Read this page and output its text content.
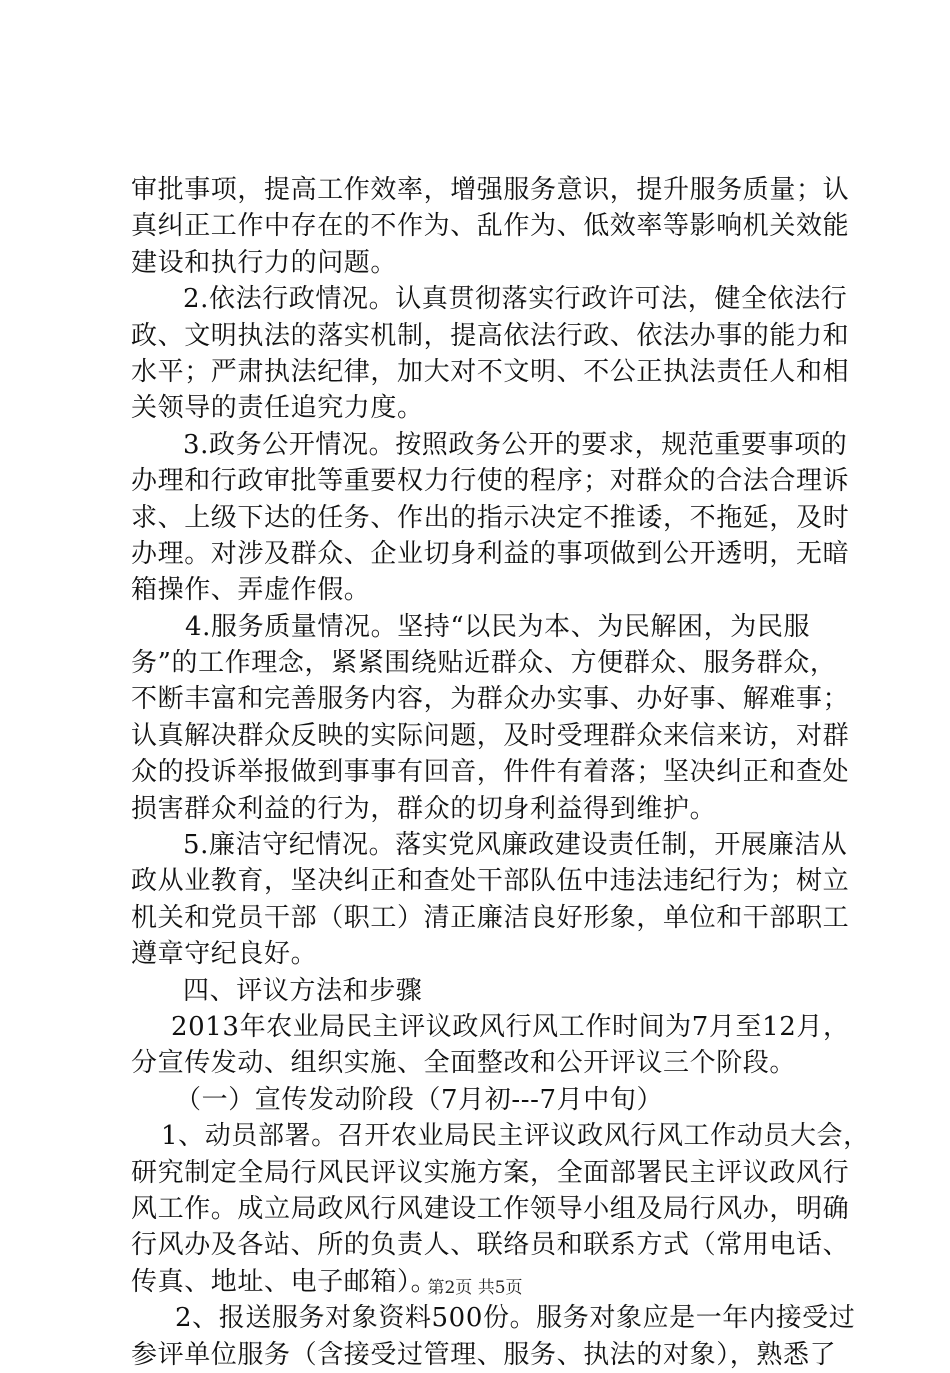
审批事项，提高工作效率，增强服务意识，提升服务质量；认
真纠正工作中存在的不作为、乱作为、低效率等影响机关效能
建设和执行力的问题。
2.依法行政情况。认真贯彻落实行政许可法，健全依法行
政、文明执法的落实机制，提高依法行政、依法办事的能力和
水平；严肃执法纪律，加大对不文明、不公正执法责任人和相
关领导的责任追究力度。
3.政务公开情况。按照政务公开的要求，规范重要事项的
办理和行政审批等重要权力行使的程序；对群众的合法合理诉
求、上级下达的任务、作出的指示决定不推诿，不拖延，及时
办理。对涉及群众、企业切身利益的事项做到公开透明，无暗
箱操作、弄虚作假。
4.服务质量情况。坚持“以民为本、为民解困，为民服
务”的工作理念，紧紧围绕贴近群众、方便群众、服务群众，
不断丰富和完善服务内容，为群众办实事、办好事、解难事；
认真解决群众反映的实际问题，及时受理群众来信来访，对群
众的投诉举报做到事事有回音，件件有着落；坚决纠正和查处
损害群众利益的行为，群众的切身利益得到维护。
5.廉洁守纪情况。落实党风廉政建设责任制，开展廉洁从
政从业教育，坚决纠正和查处干部队伍中违法违纪行为；树立
机关和党员干部（职工）清正廉洁良好形象，单位和干部职工
遵章守纪良好。
四、评议方法和步骤
2013年农业局民主评议政风行风工作时间为7月至12月，
分宣传发动、组织实施、全面整改和公开评议三个阶段。
（一）宣传发动阶段（7月初---7月中旬）
1、动员部署。召开农业局民主评议政风行风工作动员大会，
研究制定全局行风民评议实施方案，全面部署民主评议政风行
风工作。成立局政风行风建设工作领导小组及局行风办，明确
行风办及各站、所的负责人、联络员和联系方式（常用电话、
传真、地址、电子邮箱）。
2、报送服务对象资料500份。服务对象应是一年内接受过
参评单位服务（含接受过管理、服务、执法的对象），熟悉了
第2页 共5页
